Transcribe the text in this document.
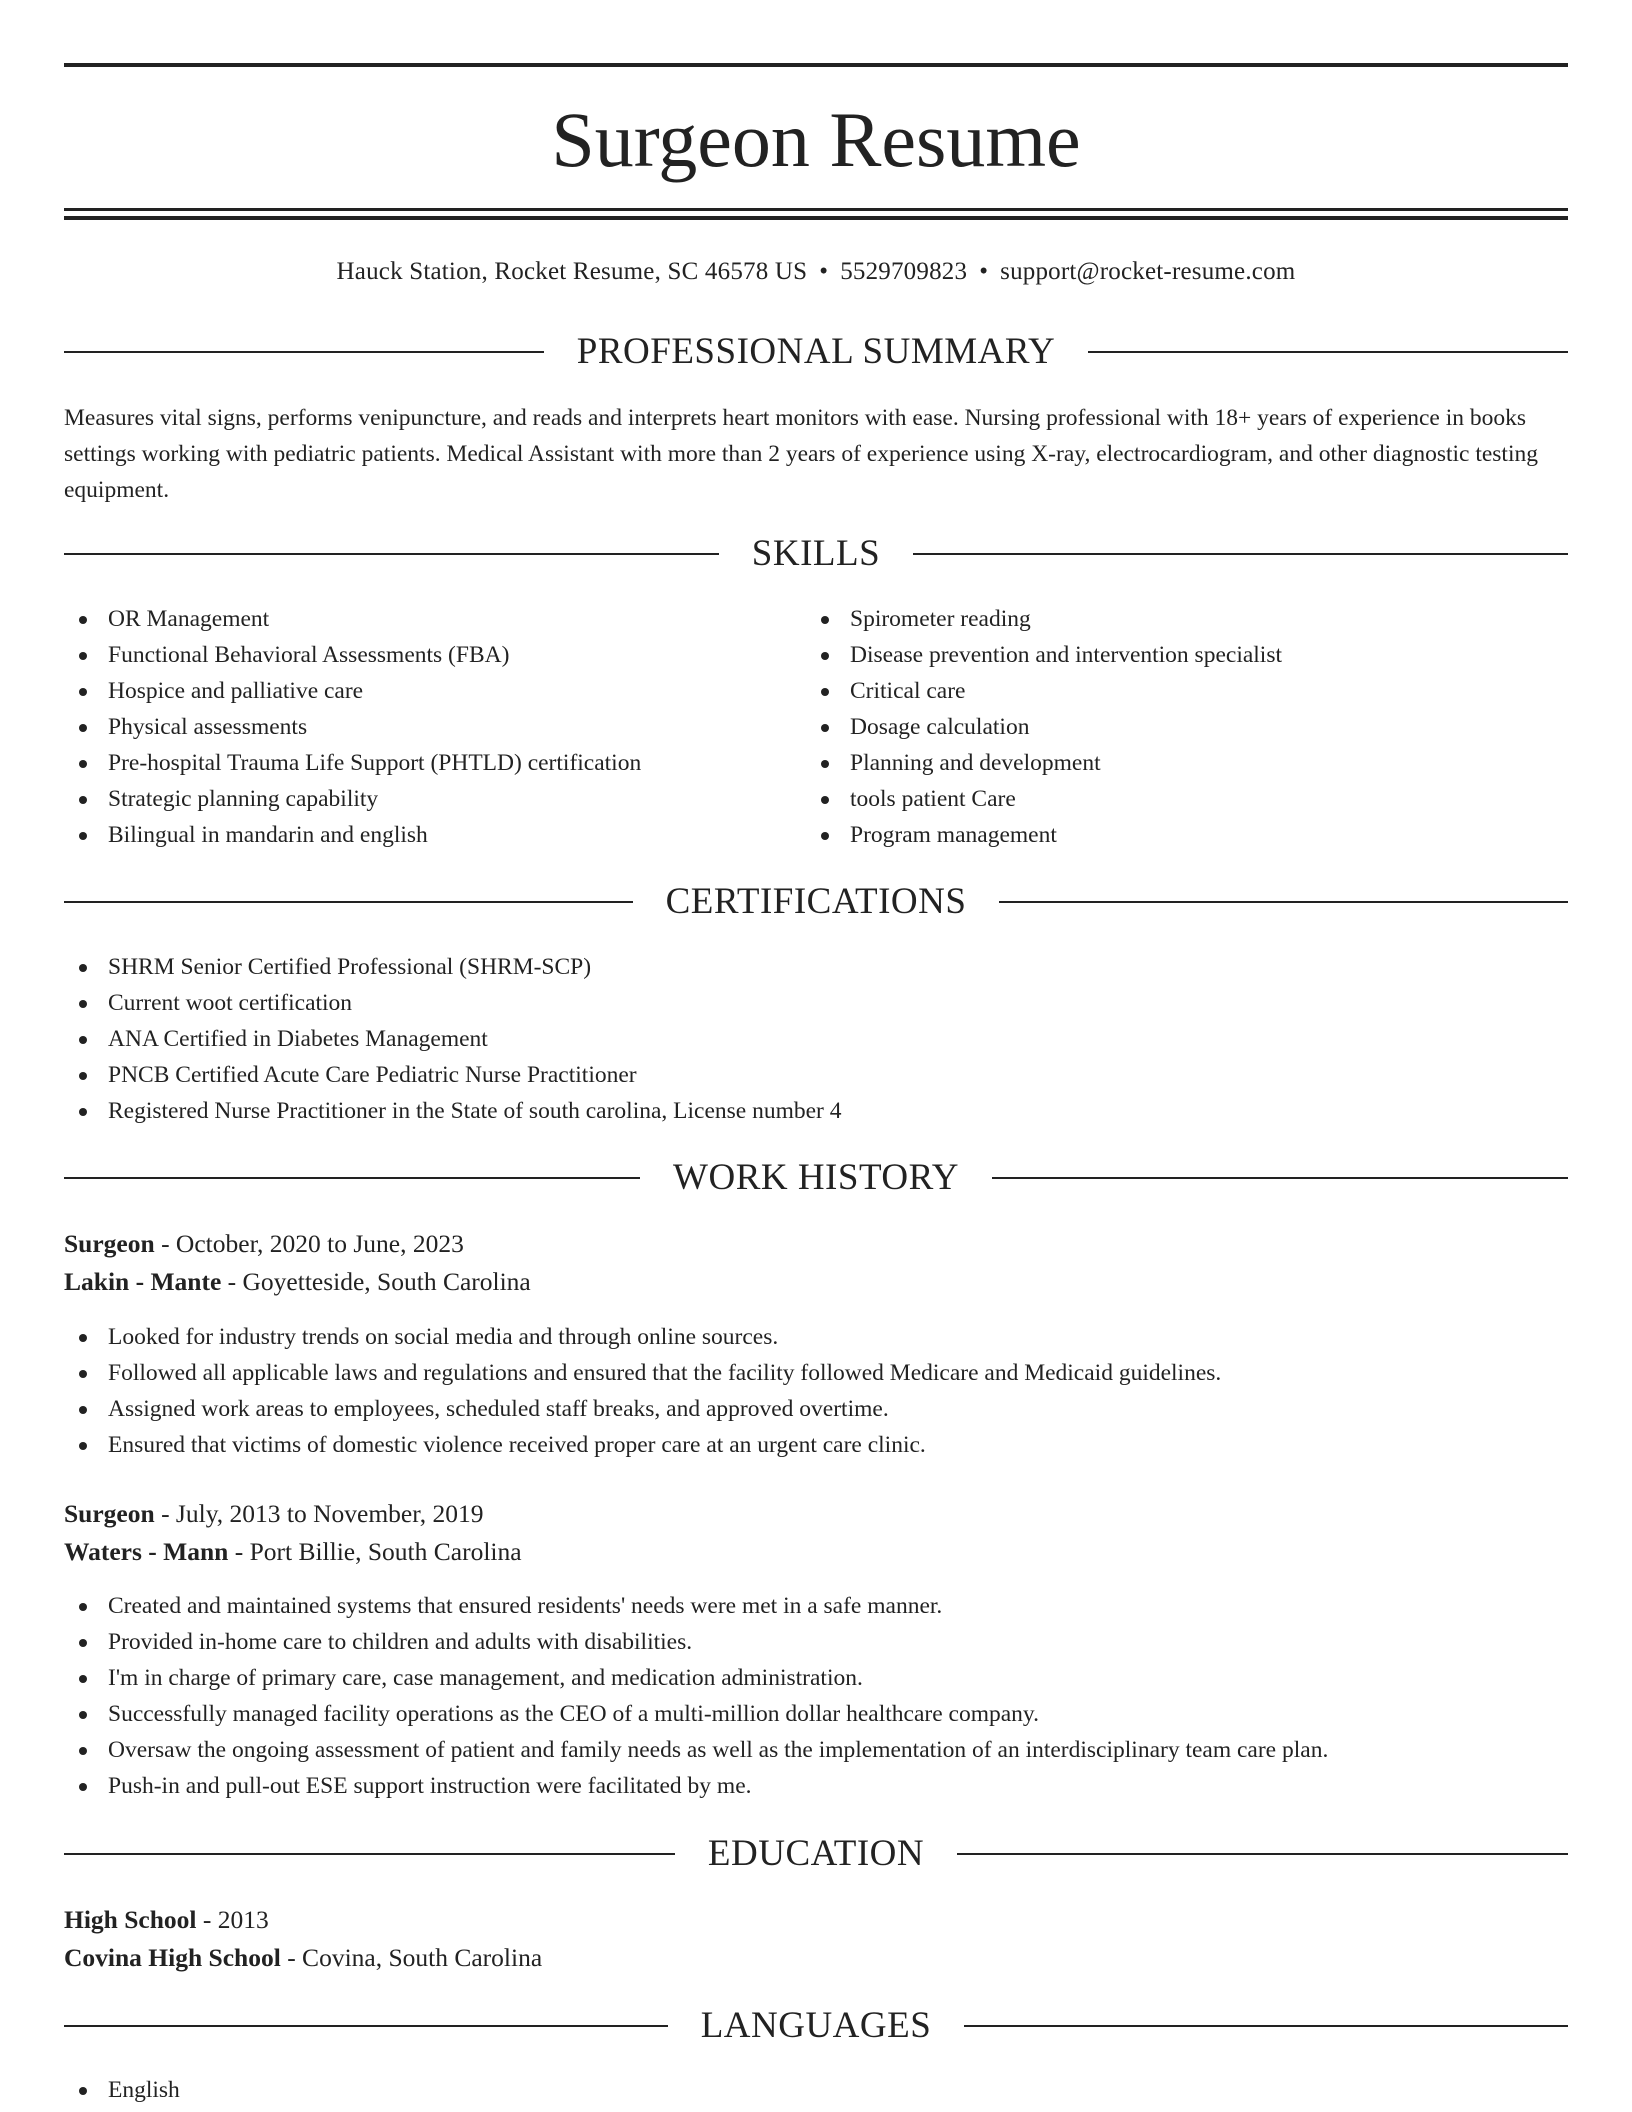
Surgeon Resume
Hauck Station, Rocket Resume, SC 46578 US • 5529709823 • support@rocket-resume.com
PROFESSIONAL SUMMARY
Measures vital signs, performs venipuncture, and reads and interprets heart monitors with ease. Nursing professional with 18+ years of experience in books settings working with pediatric patients. Medical Assistant with more than 2 years of experience using X-ray, electrocardiogram, and other diagnostic testing equipment.
SKILLS
OR Management
Functional Behavioral Assessments (FBA)
Hospice and palliative care
Physical assessments
Pre-hospital Trauma Life Support (PHTLD) certification
Strategic planning capability
Bilingual in mandarin and english
Spirometer reading
Disease prevention and intervention specialist
Critical care
Dosage calculation
Planning and development
tools patient Care
Program management
CERTIFICATIONS
SHRM Senior Certified Professional (SHRM-SCP)
Current woot certification
ANA Certified in Diabetes Management
PNCB Certified Acute Care Pediatric Nurse Practitioner
Registered Nurse Practitioner in the State of south carolina, License number 4
WORK HISTORY
Surgeon - October, 2020 to June, 2023
Lakin - Mante - Goyetteside, South Carolina
Looked for industry trends on social media and through online sources.
Followed all applicable laws and regulations and ensured that the facility followed Medicare and Medicaid guidelines.
Assigned work areas to employees, scheduled staff breaks, and approved overtime.
Ensured that victims of domestic violence received proper care at an urgent care clinic.
Surgeon - July, 2013 to November, 2019
Waters - Mann - Port Billie, South Carolina
Created and maintained systems that ensured residents' needs were met in a safe manner.
Provided in-home care to children and adults with disabilities.
I'm in charge of primary care, case management, and medication administration.
Successfully managed facility operations as the CEO of a multi-million dollar healthcare company.
Oversaw the ongoing assessment of patient and family needs as well as the implementation of an interdisciplinary team care plan.
Push-in and pull-out ESE support instruction were facilitated by me.
EDUCATION
High School - 2013
Covina High School - Covina, South Carolina
LANGUAGES
English
